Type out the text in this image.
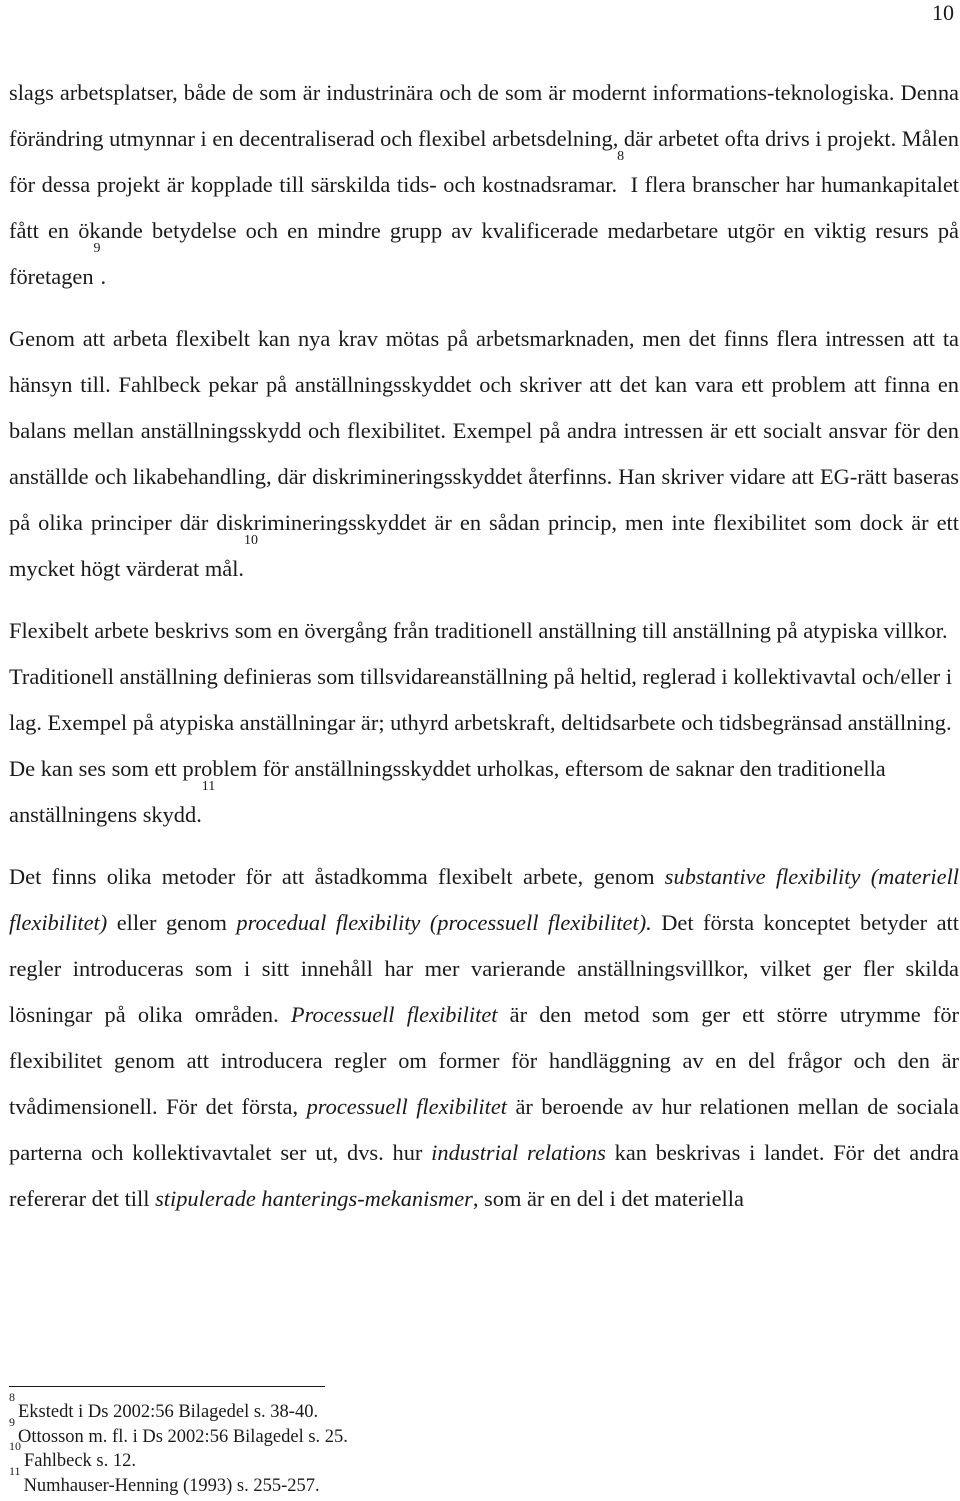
10

slags arbetsplatser, både de som är industrinära och de som är modernt informations-teknologiska. Denna förändring utmynnar i en decentraliserad och flexibel arbetsdelning, där arbetet ofta drivs i projekt. Målen för dessa projekt är kopplade till särskilda tids- och kostnadsramar.$^8$ I flera branscher har humankapitalet fått en ökande betydelse och en mindre grupp av kvalificerade medarbetare utgör en viktig resurs på företagen$^9$.

Genom att arbeta flexibelt kan nya krav mötas på arbetsmarknaden, men det finns flera intressen att ta hänsyn till. Fahlbeck pekar på anställningsskyddet och skriver att det kan vara ett problem att finna en balans mellan anställningsskydd och flexibilitet. Exempel på andra intressen är ett socialt ansvar för den anställde och likabehandling, där diskrimineringsskyddet återfinns. Han skriver vidare att EG-rätt baseras på olika principer där diskrimineringsskyddet är en sådan princip, men inte flexibilitet som dock är ett mycket högt värderat mål.$^{10}$

Flexibelt arbete beskrivs som en övergång från traditionell anställning till anställning på atypiska villkor. Traditionell anställning definieras som tillsvidareanställning på heltid, reglerad i kollektivavtal och/eller i lag. Exempel på atypiska anställningar är; uthyrd arbetskraft, deltidsarbete och tidsbegränsad anställning. De kan ses som ett problem för anställningsskyddet urholkas, eftersom de saknar den traditionella anställningens skydd.$^{11}$

Det finns olika metoder för att åstadkomma flexibelt arbete, genom substantive flexibility (materiell flexibilitet) eller genom procedual flexibility (processuell flexibilitet). Det första konceptet betyder att regler introduceras som i sitt innehåll har mer varierande anställningsvillkor, vilket ger fler skilda lösningar på olika områden. Processuell flexibilitet är den metod som ger ett större utrymme för flexibilitet genom att introducera regler om former för handläggning av en del frågor och den är tvådimensionell. För det första, processuell flexibilitet är beroende av hur relationen mellan de sociala parterna och kollektivavtalet ser ut, dvs. hur industrial relations kan beskrivas i landet. För det andra refererar det till stipulerade hanterings-mekanismer, som är en del i det materiella

$^8$Ekstedt i Ds 2002:56 Bilagedel s. 38-40.
$^9$Ottosson m. fl. i Ds 2002:56 Bilagedel s. 25.
$^{10}$Fahlbeck s. 12.
$^{11}$Numhauser-Henning (1993) s. 255-257.
